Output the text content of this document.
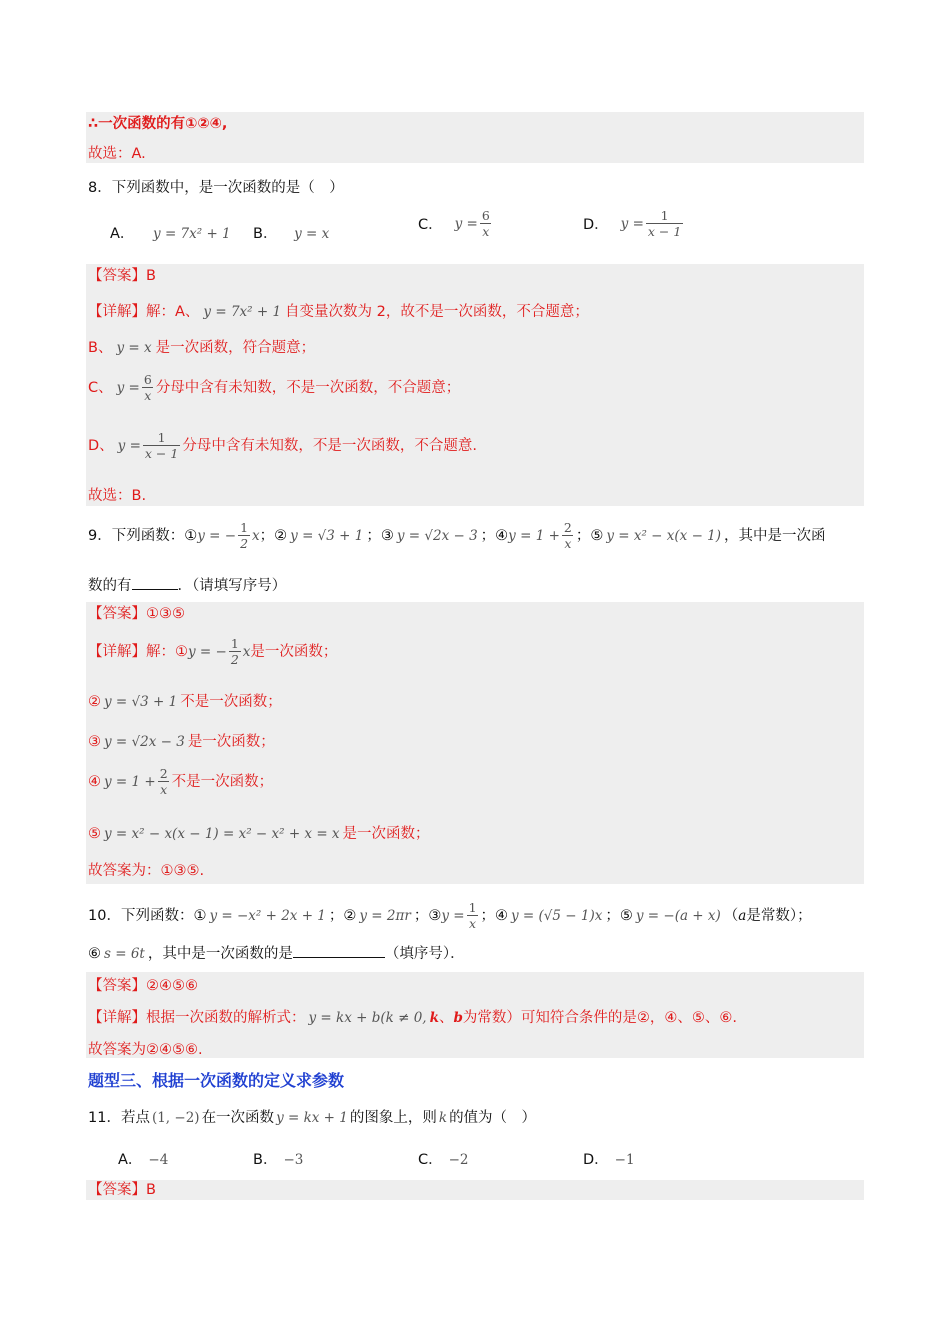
∴一次函数的有①②④,
故选：A.
8．下列函数中，是一次函数的是（　）
A． y = 7x² + 1 B． y = x
C． $y = \frac{6}{x}$	D． $y = \frac{1}{x - 1}$
【答案】B
【详解】解：A、 y = 7x² + 1 自变量次数为 2，故不是一次函数，不合题意；
B、 y = x 是一次函数，符合题意；
C、 $y = \frac{6}{x}$ 分母中含有未知数，不是一次函数，不合题意；
D、 $y = \frac{1}{x - 1}$ 分母中含有未知数，不是一次函数，不合题意.
故选：B.
9．下列函数：① y = − $\frac{1}{2}$ x ；② y = √3 + 1 ；③ y = √2x − 3 ；④ $y = 1 + \frac{2}{x}$ ；⑤ y = x² − x(x − 1) ，其中是一次函
数的有	．（请填写序号）
【答案】①③⑤
【详解】 解：① y = − $\frac{1}{2}$ x 是一次函数；
② y = √3 + 1 不是一次函数；
③ y = √2x − 3 是一次函数；
④ $y = 1 + \frac{2}{x}$ 不是一次函数；
⑤ y = x² − x(x − 1) = x² − x² + x = x 是一次函数；
故答案为：①③⑤.
10．下列函数：① y = −x² + 2x + 1 ；② y = 2πr ；③ $y = \frac{1}{x}$ ；④ y = (√5 − 1)x ；⑤ y = −(a + x) （ a 是常数）；
⑥ s = 6t ，其中是一次函数的是	（填序号）．
【答案】②④⑤⑥
【详解】根据一次函数的解析式： y = kx + b(k ≠ 0, k、b为常数）可知符合条件的是②，④、⑤、⑥.
故答案为②④⑤⑥.
题型三、根据一次函数的定义求参数
11．若点 (1, −2) 在一次函数 y = kx + 1 的图象上，则 k 的值为（　）
A． −4	B． −3	C． −2	D． −1
【答案】B
